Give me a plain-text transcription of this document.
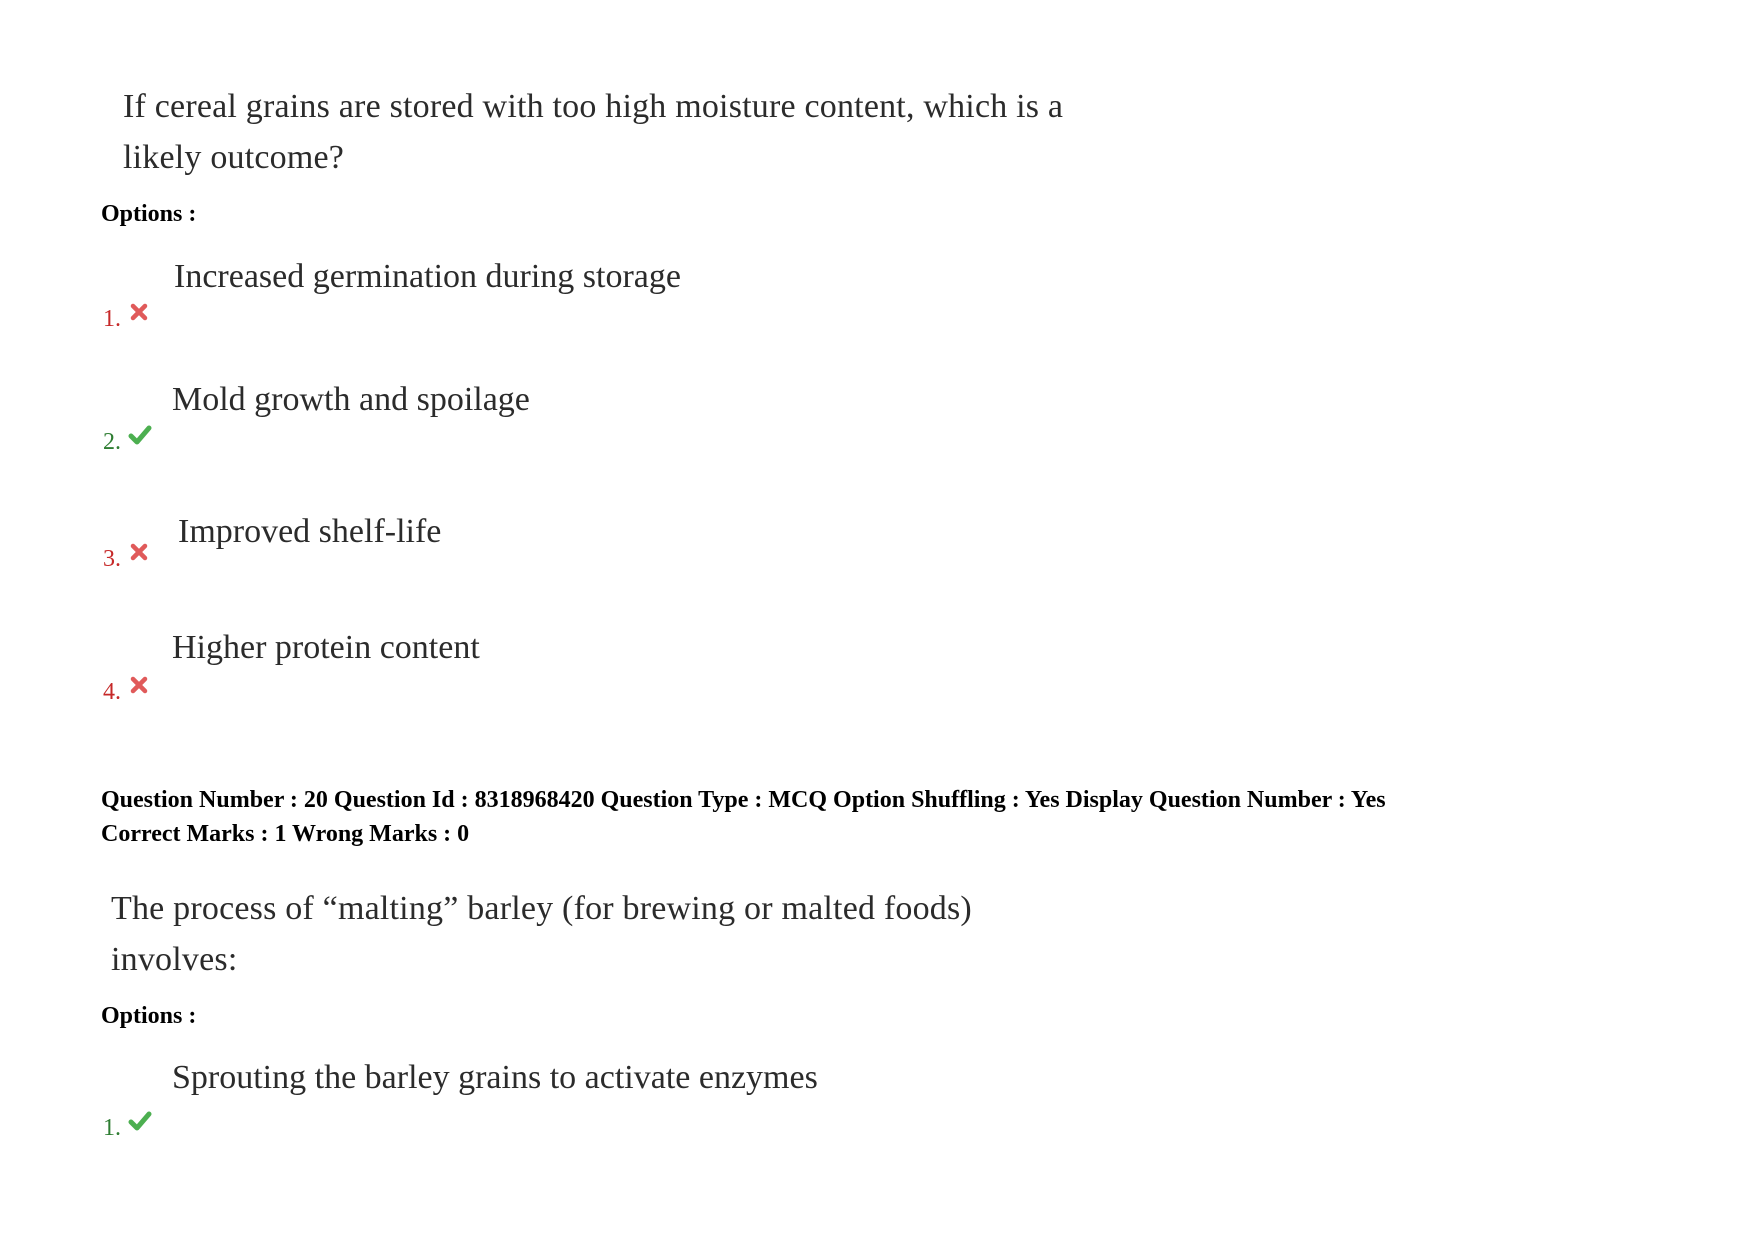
If cereal grains are stored with too high moisture content, which is a
likely outcome?
Options :
Increased germination during storage
1.
Mold growth and spoilage
2.
Improved shelf-life
3.
Higher protein content
4.
Question Number : 20 Question Id : 8318968420 Question Type : MCQ Option Shuffling : Yes Display Question Number : Yes
Correct Marks : 1 Wrong Marks : 0
The process of “malting” barley (for brewing or malted foods)
involves:
Options :
Sprouting the barley grains to activate enzymes
1.
